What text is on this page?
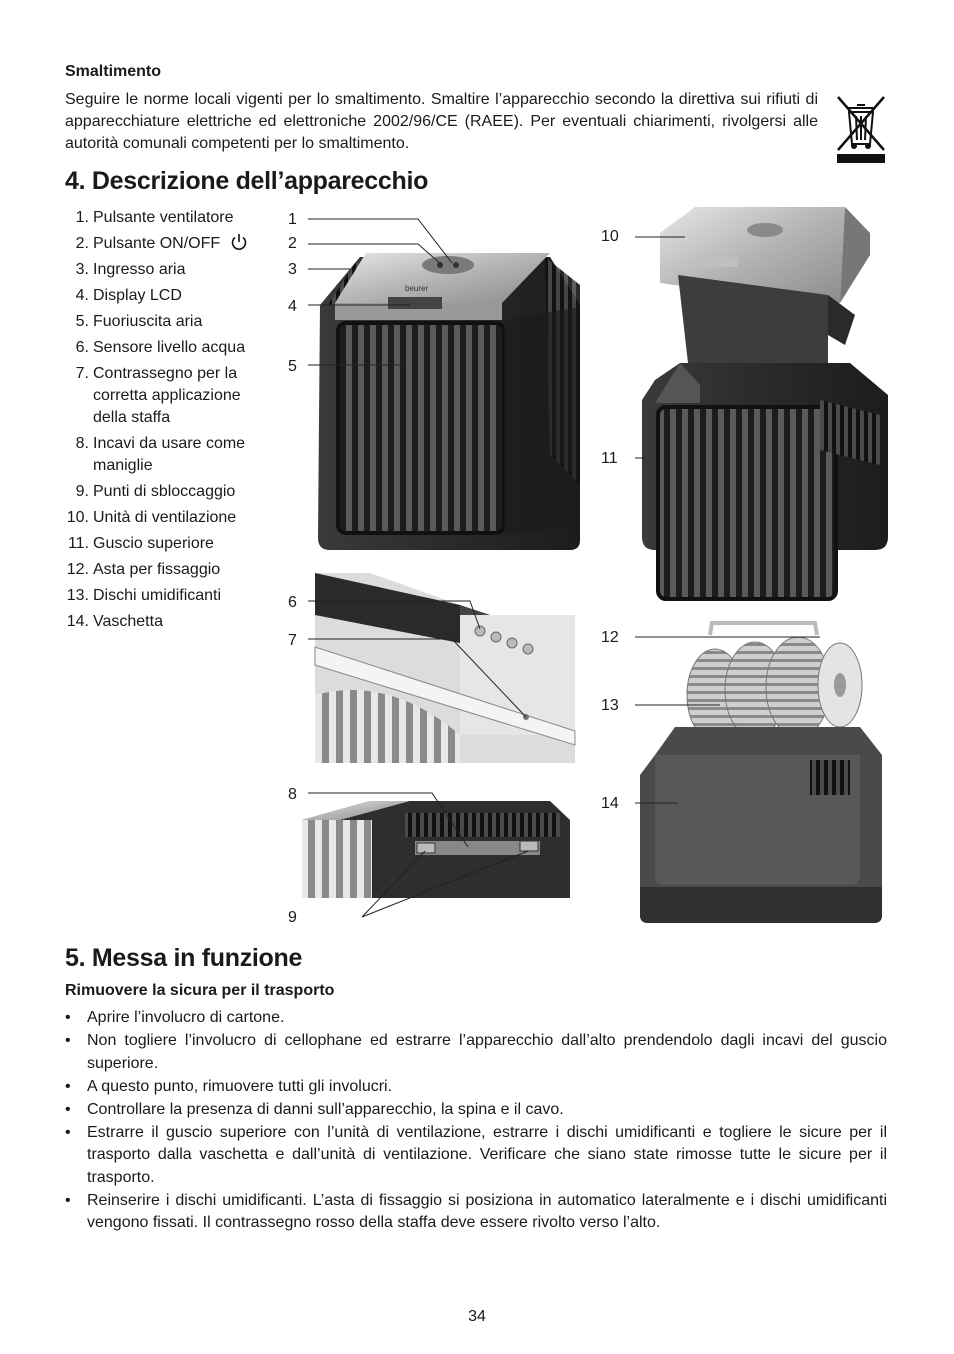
Smaltimento
Seguire le norme locali vigenti per lo smaltimento. Smaltire l’apparecchio secondo la direttiva sui rifiuti di apparecchiature elettriche ed elettroniche 2002/96/CE (RAEE). Per eventuali chiarimenti, rivolgersi alle autorità comunali competenti per lo smaltimento.
4. Descrizione dell’apparecchio
1. Pulsante ventilatore
2. Pulsante ON/OFF
3. Ingresso aria
4. Display LCD
5. Fuoriuscita aria
6. Sensore livello acqua
7. Contrassegno per la corretta applicazione della staffa
8. Incavi da usare come maniglie
9. Punti di sbloccaggio
10. Unità di ventilazione
11. Guscio superiore
12. Asta per fissaggio
13. Dischi umidificanti
14. Vaschetta
beurer
1
2
3
4
5
6
7
8
9
10
11
12
13
14
5. Messa in funzione
Rimuovere la sicura per il trasporto
• Aprire l’involucro di cartone.
• Non togliere l’involucro di cellophane ed estrarre l’apparecchio dall’alto prendendolo dagli incavi del guscio superiore.
• A questo punto, rimuovere tutti gli involucri.
• Controllare la presenza di danni sull’apparecchio, la spina e il cavo.
• Estrarre il guscio superiore con l’unità di ventilazione, estrarre i dischi umidificanti e togliere le sicure per il trasporto dalla vaschetta e dall’unità di ventilazione. Verificare che siano state rimosse tutte le sicure per il trasporto.
• Reinserire i dischi umidificanti. L’asta di fissaggio si posiziona in automatico lateralmente e i dischi umidificanti vengono fissati. Il contrassegno rosso della staffa deve essere rivolto verso l’alto.
34
